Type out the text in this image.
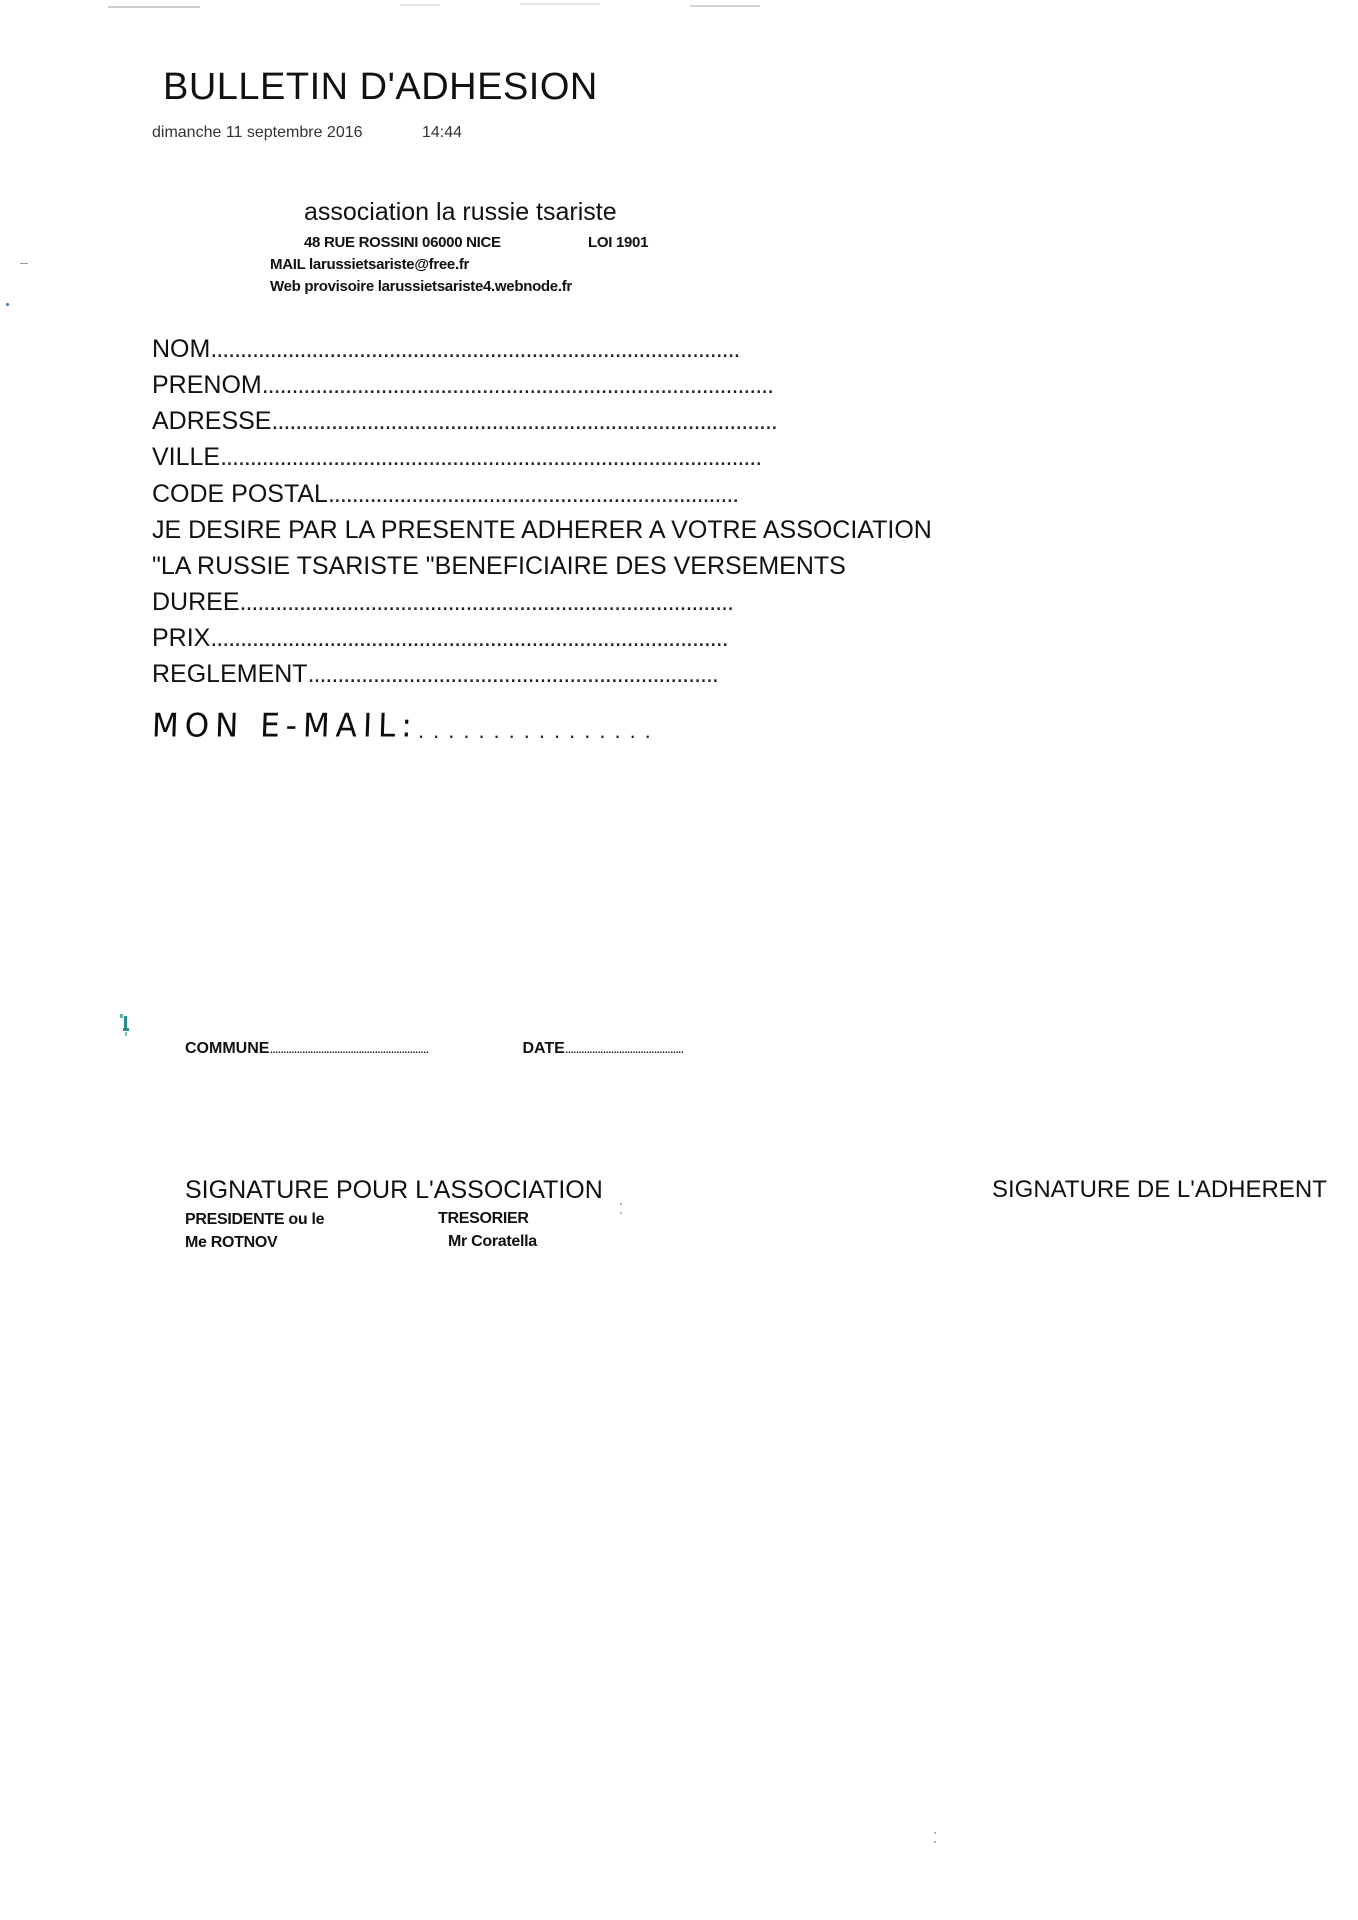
BULLETIN D'ADHESION
dimanche 11 septembre 2016	14:44
association la russie tsariste
48 RUE ROSSINI 06000 NICE	LOI 1901
MAIL larussietsariste@free.fr
Web provisoire larussietsariste4.webnode.fr
NOM .........................................................................................
PRENOM ......................................................................................
ADRESSE .....................................................................................
VILLE ...........................................................................................
CODE POSTAL .....................................................................
JE DESIRE PAR LA PRESENTE ADHERER A VOTRE ASSOCIATION
"LA RUSSIE TSARISTE "BENEFICIAIRE DES VERSEMENTS
DUREE ...................................................................................
PRIX .......................................................................................
REGLEMENT .....................................................................
MON E-MAIL: ................
COMMUNE ...........................................................	DATE ............................................
SIGNATURE POUR L'ASSOCIATION	SIGNATURE DE L'ADHERENT
PRESIDENTE ou le	TRESORIER
Me ROTNOV	Mr Coratella
